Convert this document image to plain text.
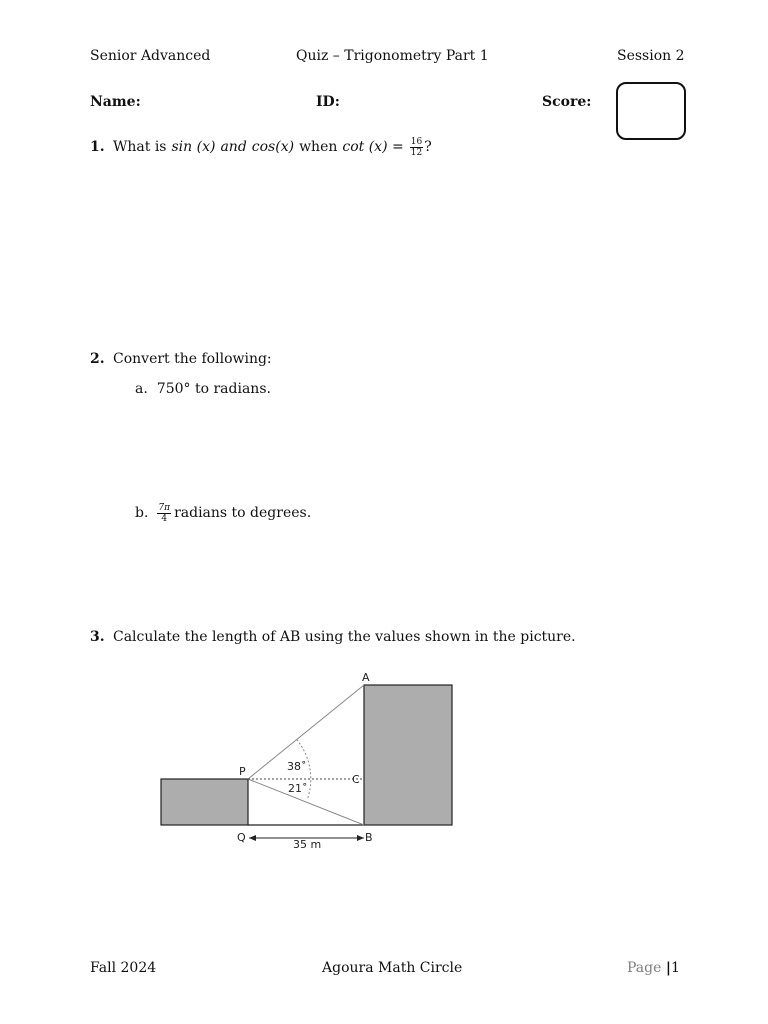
Senior Advanced	Quiz – Trigonometry Part 1	Session 2
Name:	ID:	Score:
1. What is sin (x) and cos(x) when $\cot (x) = \frac{16}{12}$ ?
2. Convert the following:
a. 750° to radians.
b. $\frac{7\pi}{4}$ radians to degrees.
3. Calculate the length of AB using the values shown in the picture.
A
P
C
Q	B
38˚
21˚
35 m
Fall 2024	Agoura Math Circle	Page |1
